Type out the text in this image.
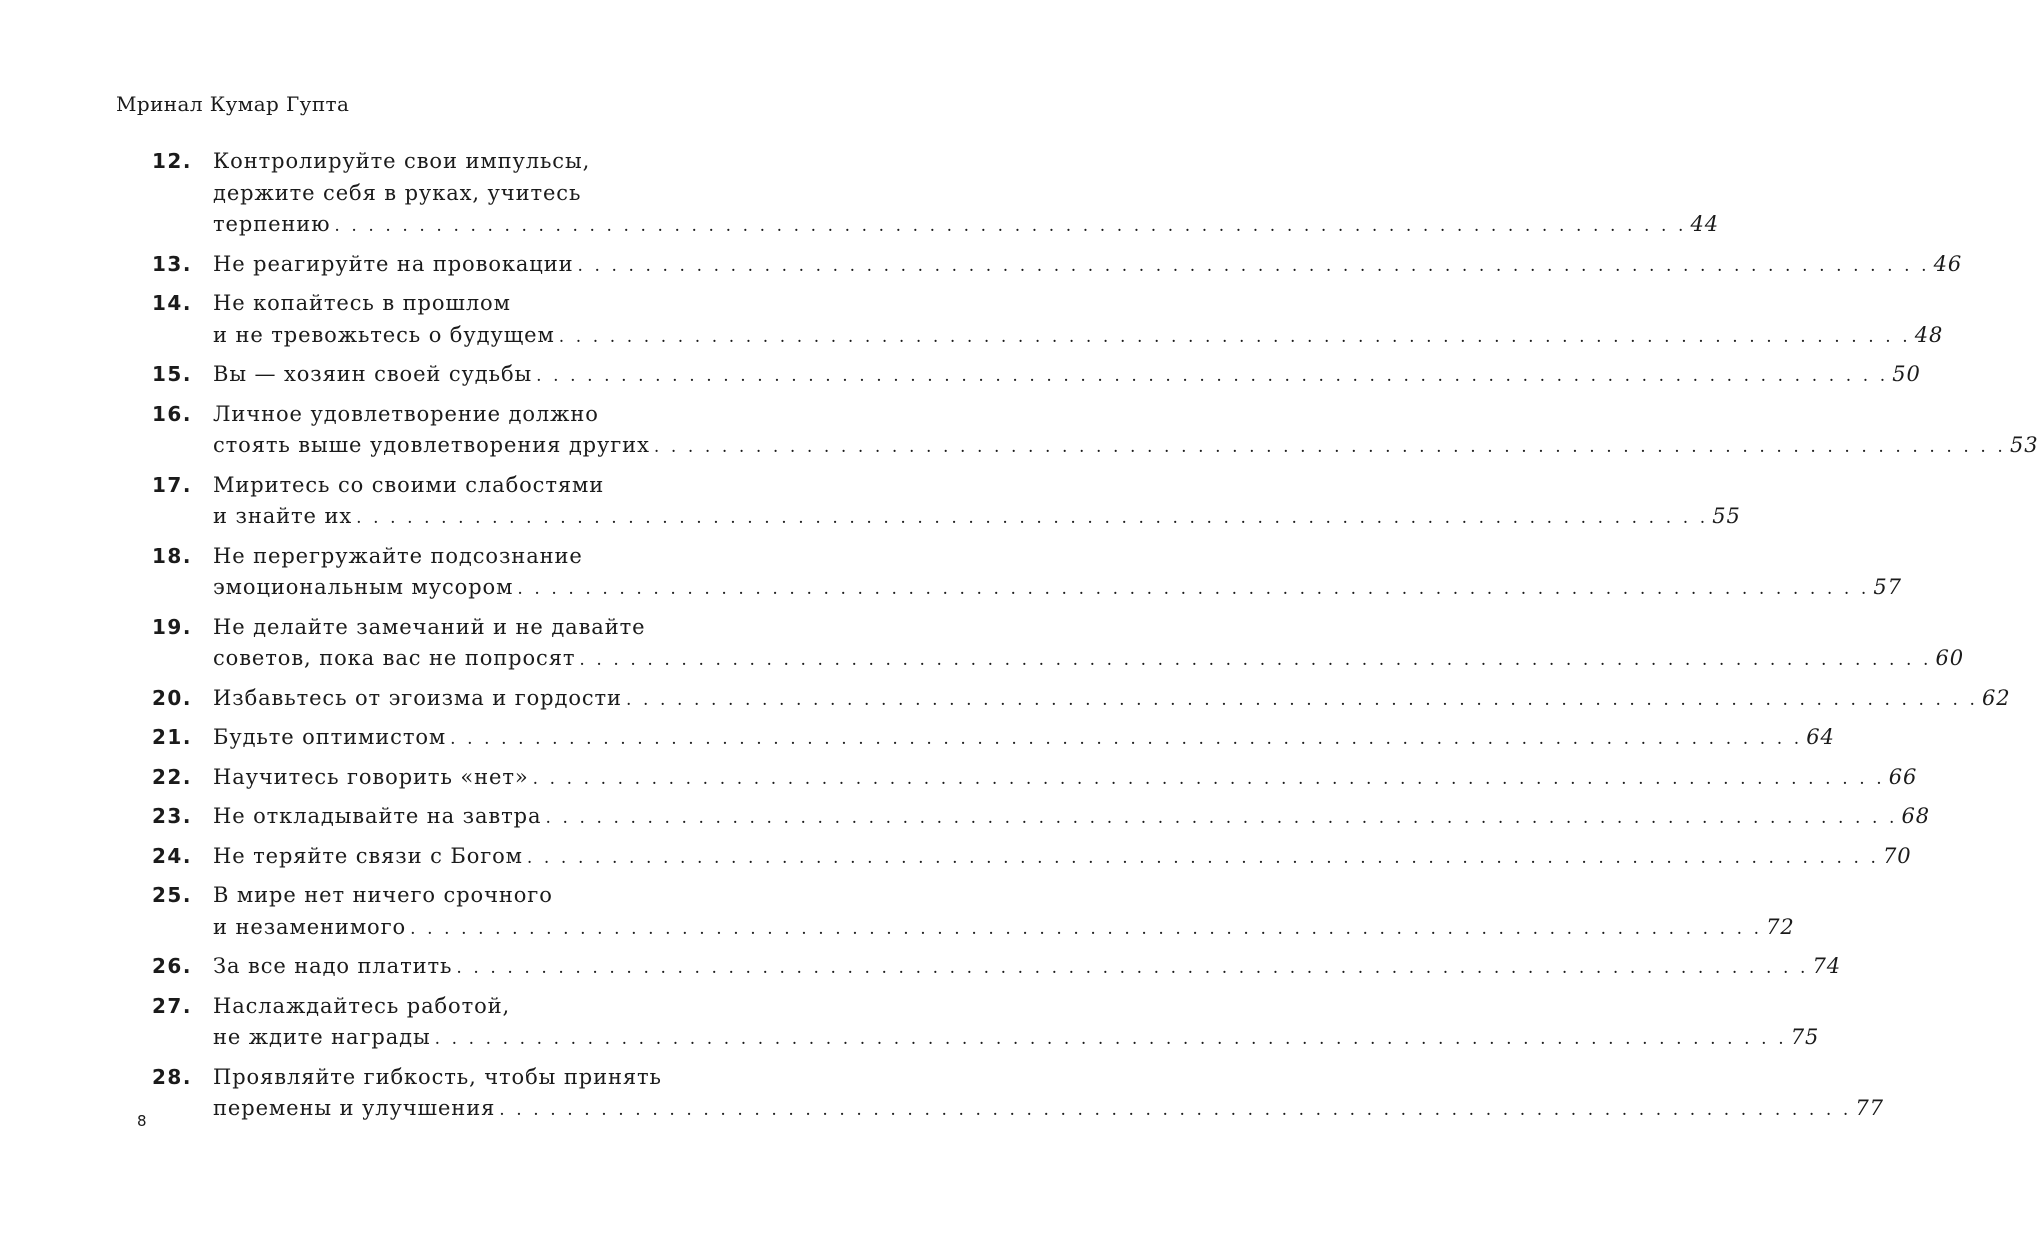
Мринал Кумар Гупта
12.	Контролируйте свои импульсы,
держите себя в руках, учитесь
терпению . . . . . . . . . . . . . . . . . . . . . . . . . . . . . . . . . . . . . . . . . . . . . . . . . . . . . . . . . . . . . . . . . . . . . . . . . . . . . . . . 44
13.	Не реагируйте на провокации . . . . . . . . . . . . . . . . . . . . . . . . . . . . . . . . . . . . . . . . . . . . . . . . . . . . . . . . . . . . . . . . . . . . . . . . . . . . . . . . 46
14.	Не копайтесь в прошлом
и не тревожьтесь о будущем . . . . . . . . . . . . . . . . . . . . . . . . . . . . . . . . . . . . . . . . . . . . . . . . . . . . . . . . . . . . . . . . . . . . . . . . . . . . . . . . 48
15.	Вы — хозяин своей судьбы . . . . . . . . . . . . . . . . . . . . . . . . . . . . . . . . . . . . . . . . . . . . . . . . . . . . . . . . . . . . . . . . . . . . . . . . . . . . . . . . 50
16.	Личное удовлетворение должно
стоять выше удовлетворения других . . . . . . . . . . . . . . . . . . . . . . . . . . . . . . . . . . . . . . . . . . . . . . . . . . . . . . . . . . . . . . . . . . . . . . . . . . . . . . . . 53
17.	Миритесь со своими слабостями
и знайте их . . . . . . . . . . . . . . . . . . . . . . . . . . . . . . . . . . . . . . . . . . . . . . . . . . . . . . . . . . . . . . . . . . . . . . . . . . . . . . . . 55
18.	Не перегружайте подсознание
эмоциональным мусором . . . . . . . . . . . . . . . . . . . . . . . . . . . . . . . . . . . . . . . . . . . . . . . . . . . . . . . . . . . . . . . . . . . . . . . . . . . . . . . . 57
19.	Не делайте замечаний и не давайте
советов, пока вас не попросят . . . . . . . . . . . . . . . . . . . . . . . . . . . . . . . . . . . . . . . . . . . . . . . . . . . . . . . . . . . . . . . . . . . . . . . . . . . . . . . . 60
20.	Избавьтесь от эгоизма и гордости . . . . . . . . . . . . . . . . . . . . . . . . . . . . . . . . . . . . . . . . . . . . . . . . . . . . . . . . . . . . . . . . . . . . . . . . . . . . . . . . 62
21.	Будьте оптимистом . . . . . . . . . . . . . . . . . . . . . . . . . . . . . . . . . . . . . . . . . . . . . . . . . . . . . . . . . . . . . . . . . . . . . . . . . . . . . . . . 64
22.	Научитесь говорить «нет» . . . . . . . . . . . . . . . . . . . . . . . . . . . . . . . . . . . . . . . . . . . . . . . . . . . . . . . . . . . . . . . . . . . . . . . . . . . . . . . . 66
23.	Не откладывайте на завтра . . . . . . . . . . . . . . . . . . . . . . . . . . . . . . . . . . . . . . . . . . . . . . . . . . . . . . . . . . . . . . . . . . . . . . . . . . . . . . . . 68
24.	Не теряйте связи с Богом . . . . . . . . . . . . . . . . . . . . . . . . . . . . . . . . . . . . . . . . . . . . . . . . . . . . . . . . . . . . . . . . . . . . . . . . . . . . . . . . 70
25.	В мире нет ничего срочного
и незаменимого . . . . . . . . . . . . . . . . . . . . . . . . . . . . . . . . . . . . . . . . . . . . . . . . . . . . . . . . . . . . . . . . . . . . . . . . . . . . . . . . 72
26.	За все надо платить . . . . . . . . . . . . . . . . . . . . . . . . . . . . . . . . . . . . . . . . . . . . . . . . . . . . . . . . . . . . . . . . . . . . . . . . . . . . . . . . 74
27.	Наслаждайтесь работой,
не ждите награды . . . . . . . . . . . . . . . . . . . . . . . . . . . . . . . . . . . . . . . . . . . . . . . . . . . . . . . . . . . . . . . . . . . . . . . . . . . . . . . . 75
28.	Проявляйте гибкость, чтобы принять
перемены и улучшения . . . . . . . . . . . . . . . . . . . . . . . . . . . . . . . . . . . . . . . . . . . . . . . . . . . . . . . . . . . . . . . . . . . . . . . . . . . . . . . . 77
8
